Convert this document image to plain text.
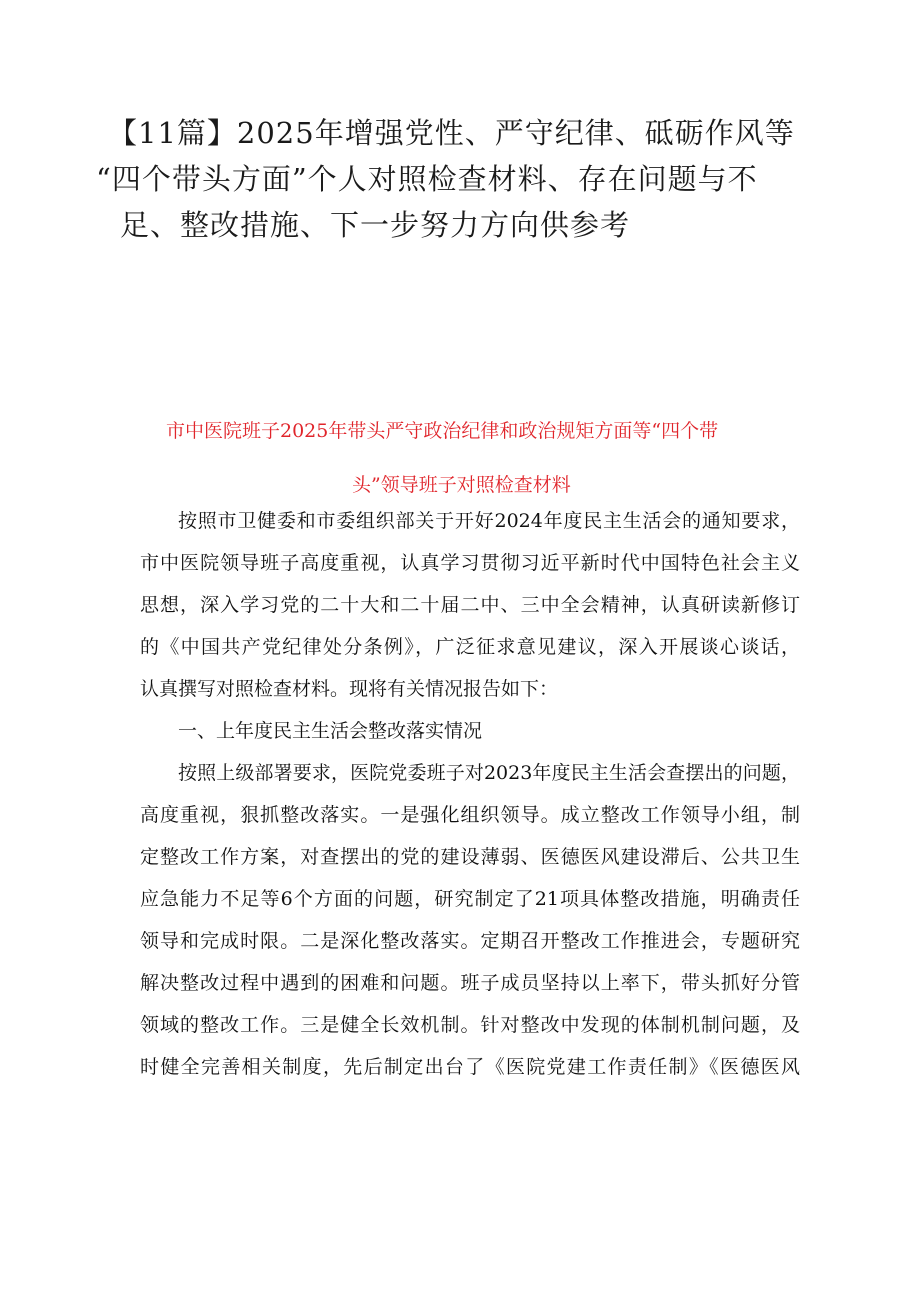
【11篇】2025年增强党性、严守纪律、砥砺作风等
“四个带头方面”个人对照检查材料、存在问题与不
足、整改措施、下一步努力方向供参考
市中医院班子2025年带头严守政治纪律和政治规矩方面等“四个带
头”领导班子对照检查材料
按照市卫健委和市委组织部关于开好2024年度民主生活会的通知要求，
市中医院领导班子高度重视，认真学习贯彻习近平新时代中国特色社会主义
思想，深入学习党的二十大和二十届二中、三中全会精神，认真研读新修订
的《中国共产党纪律处分条例》，广泛征求意见建议，深入开展谈心谈话，
认真撰写对照检查材料。现将有关情况报告如下：
一、上年度民主生活会整改落实情况
按照上级部署要求，医院党委班子对2023年度民主生活会查摆出的问题，
高度重视，狠抓整改落实。一是强化组织领导。成立整改工作领导小组，制
定整改工作方案，对查摆出的党的建设薄弱、医德医风建设滞后、公共卫生
应急能力不足等6个方面的问题，研究制定了21项具体整改措施，明确责任
领导和完成时限。二是深化整改落实。定期召开整改工作推进会，专题研究
解决整改过程中遇到的困难和问题。班子成员坚持以上率下，带头抓好分管
领域的整改工作。三是健全长效机制。针对整改中发现的体制机制问题，及
时健全完善相关制度，先后制定出台了《医院党建工作责任制》《医德医风
